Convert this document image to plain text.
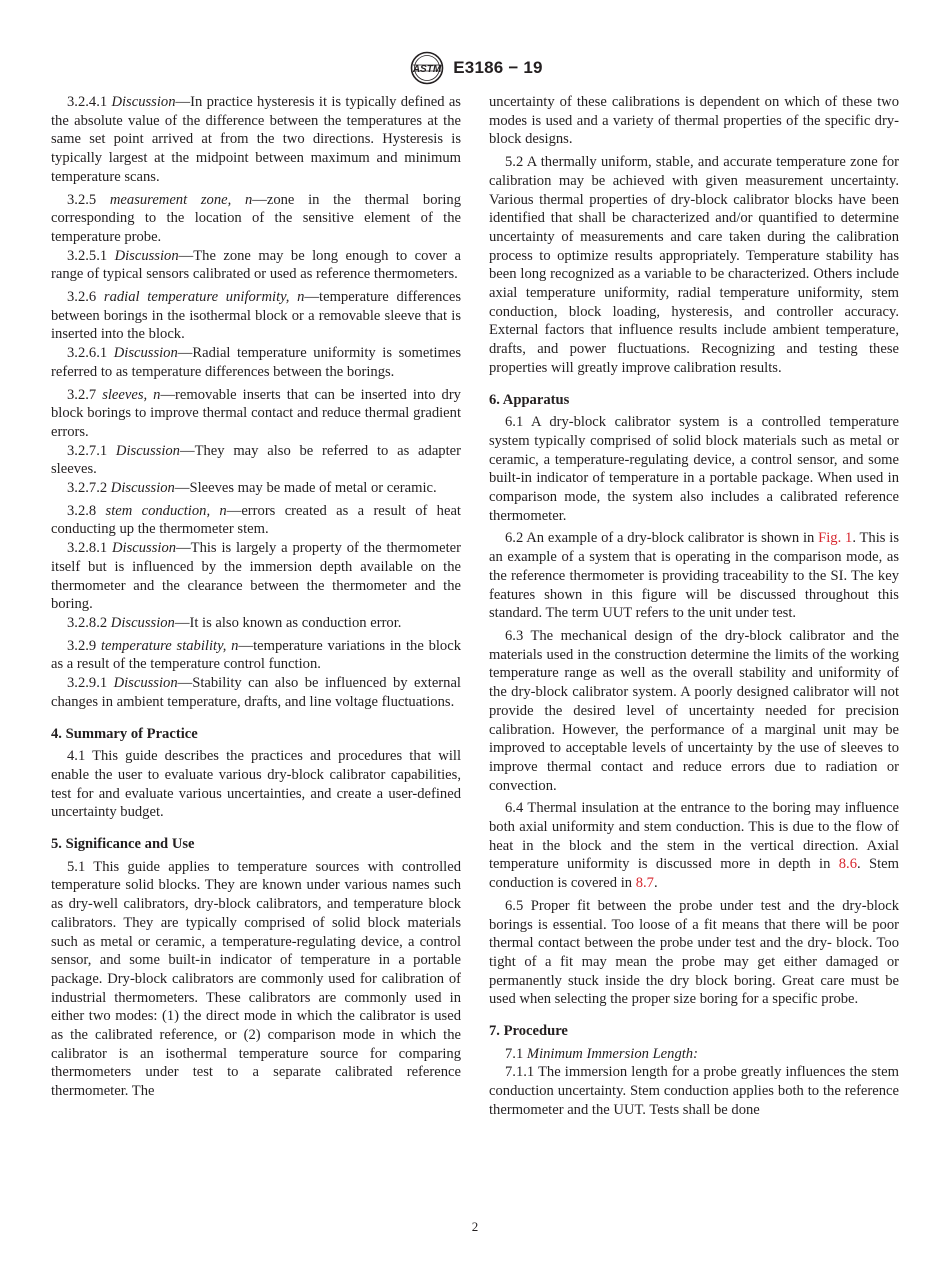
ASTM E3186 − 19

3.2.4.1 Discussion—In practice hysteresis it is typically defined as the absolute value of the difference between the temperatures at the same set point arrived at from the two directions. Hysteresis is typically largest at the midpoint between maximum and minimum temperature scans.

3.2.5 measurement zone, n—zone in the thermal boring corresponding to the location of the sensitive element of the temperature probe.

3.2.5.1 Discussion—The zone may be long enough to cover a range of typical sensors calibrated or used as reference thermometers.

3.2.6 radial temperature uniformity, n—temperature differences between borings in the isothermal block or a removable sleeve that is inserted into the block.

3.2.6.1 Discussion—Radial temperature uniformity is sometimes referred to as temperature differences between the borings.

3.2.7 sleeves, n—removable inserts that can be inserted into dry block borings to improve thermal contact and reduce thermal gradient errors.

3.2.7.1 Discussion—They may also be referred to as adapter sleeves.

3.2.7.2 Discussion—Sleeves may be made of metal or ceramic.

3.2.8 stem conduction, n—errors created as a result of heat conducting up the thermometer stem.

3.2.8.1 Discussion—This is largely a property of the thermometer itself but is influenced by the immersion depth available on the thermometer and the clearance between the thermometer and the boring.

3.2.8.2 Discussion—It is also known as conduction error.

3.2.9 temperature stability, n—temperature variations in the block as a result of the temperature control function.

3.2.9.1 Discussion—Stability can also be influenced by external changes in ambient temperature, drafts, and line voltage fluctuations.

4. Summary of Practice

4.1 This guide describes the practices and procedures that will enable the user to evaluate various dry-block calibrator capabilities, test for and evaluate various uncertainties, and create a user-defined uncertainty budget.

5. Significance and Use

5.1 This guide applies to temperature sources with controlled temperature solid blocks. They are known under various names such as dry-well calibrators, dry-block calibrators, and temperature block calibrators. They are typically comprised of solid block materials such as metal or ceramic, a temperature-regulating device, a control sensor, and some built-in indicator of temperature in a portable package. Dry-block calibrators are commonly used for calibration of industrial thermometers. These calibrators are commonly used in either two modes: (1) the direct mode in which the calibrator is used as the calibrated reference, or (2) comparison mode in which the calibrator is an isothermal temperature source for comparing thermometers under test to a separate calibrated reference thermometer. The

uncertainty of these calibrations is dependent on which of these two modes is used and a variety of thermal properties of the specific dry-block designs.

5.2 A thermally uniform, stable, and accurate temperature zone for calibration may be achieved with given measurement uncertainty. Various thermal properties of dry-block calibrator blocks have been identified that shall be characterized and/or quantified to determine uncertainty of measurements and care taken during the calibration process to optimize results appropriately. Temperature stability has been long recognized as a variable to be characterized. Others include axial temperature uniformity, radial temperature uniformity, stem conduction, block loading, hysteresis, and controller accuracy. External factors that influence results include ambient temperature, drafts, and power fluctuations. Recognizing and testing these properties will greatly improve calibration results.

6. Apparatus

6.1 A dry-block calibrator system is a controlled temperature system typically comprised of solid block materials such as metal or ceramic, a temperature-regulating device, a control sensor, and some built-in indicator of temperature in a portable package. When used in comparison mode, the system also includes a calibrated reference thermometer.

6.2 An example of a dry-block calibrator is shown in Fig. 1. This is an example of a system that is operating in the comparison mode, as the reference thermometer is providing traceability to the SI. The key features shown in this figure will be discussed throughout this standard. The term UUT refers to the unit under test.

6.3 The mechanical design of the dry-block calibrator and the materials used in the construction determine the limits of the working temperature range as well as the overall stability and uniformity of the dry-block calibrator system. A poorly designed calibrator will not provide the desired level of uncertainty needed for precision calibration. However, the performance of a marginal unit may be improved to acceptable levels of uncertainty by the use of sleeves to improve thermal contact and reduce errors due to radiation or convection.

6.4 Thermal insulation at the entrance to the boring may influence both axial uniformity and stem conduction. This is due to the flow of heat in the block and the stem in the vertical direction. Axial temperature uniformity is discussed more in depth in 8.6. Stem conduction is covered in 8.7.

6.5 Proper fit between the probe under test and the dry-block borings is essential. Too loose of a fit means that there will be poor thermal contact between the probe under test and the dry- block. Too tight of a fit may mean the probe may get either damaged or permanently stuck inside the dry block boring. Great care must be used when selecting the proper size boring for a specific probe.

7. Procedure

7.1 Minimum Immersion Length:

7.1.1 The immersion length for a probe greatly influences the stem conduction uncertainty. Stem conduction applies both to the reference thermometer and the UUT. Tests shall be done

2
